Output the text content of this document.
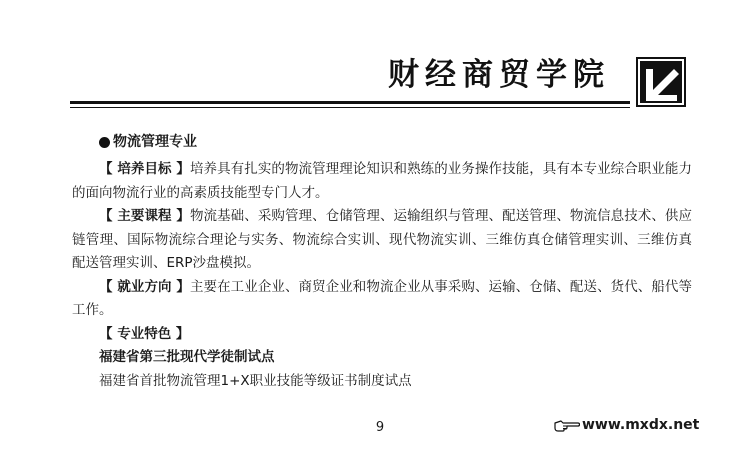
财经商贸学院
物流管理专业

【 培养目标 】培养具有扎实的物流管理理论知识和熟练的业务操作技能，具有本专业综合职业能力的面向物流行业的高素质技能型专门人才。

【 主要课程 】物流基础、采购管理、仓储管理、运输组织与管理、配送管理、物流信息技术、供应链管理、国际物流综合理论与实务、物流综合实训、现代物流实训、三维仿真仓储管理实训、三维仿真配送管理实训、ERP沙盘模拟。

【 就业方向 】主要在工业企业、商贸企业和物流企业从事采购、运输、仓储、配送、货代、船代等工作。

【 专业特色 】

福建省第三批现代学徒制试点

福建省首批物流管理1+X职业技能等级证书制度试点

9	www.mxdx.net
